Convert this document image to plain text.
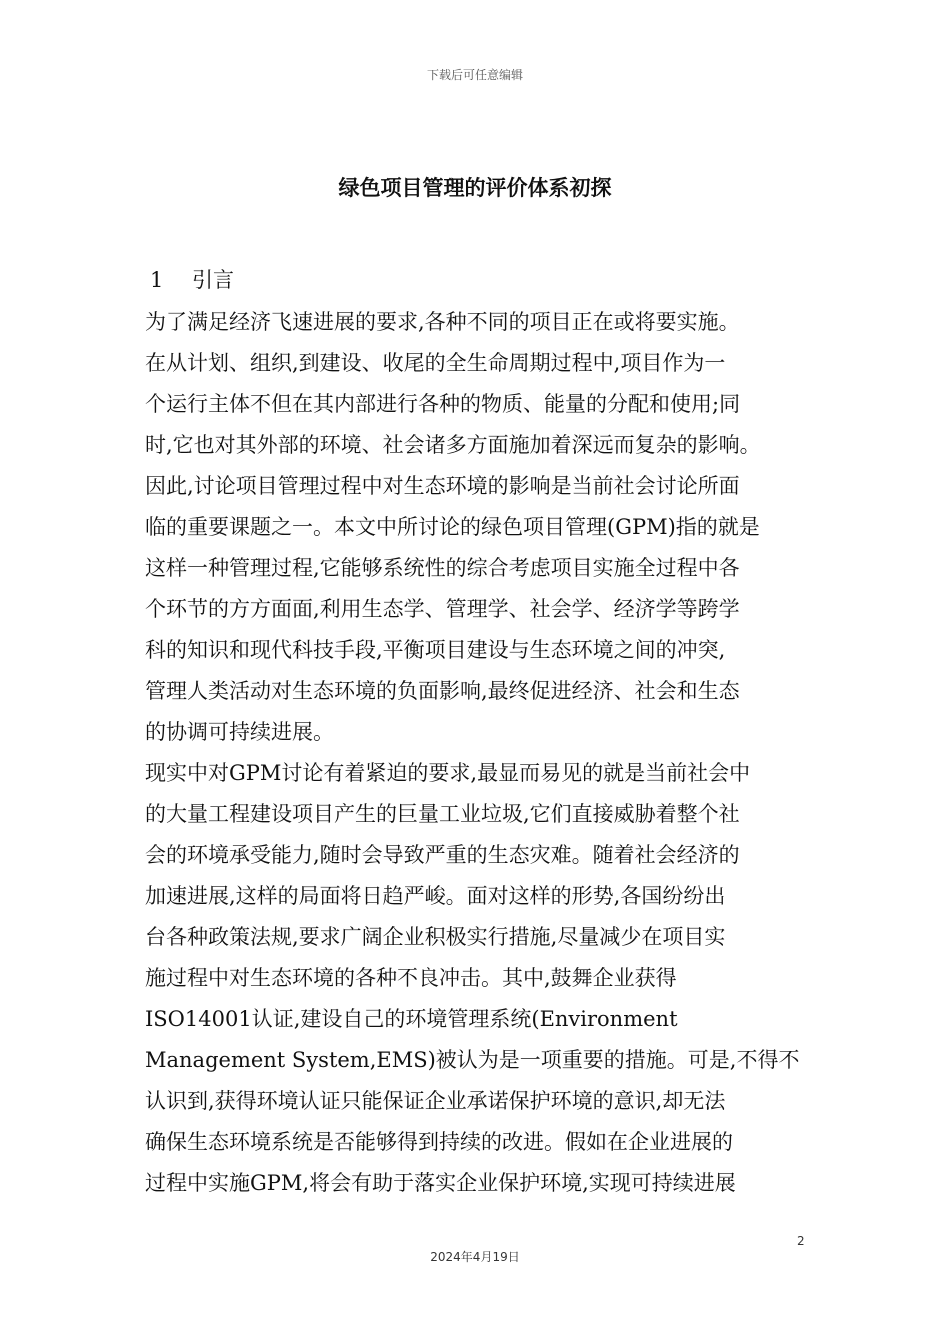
下载后可任意编辑
绿色项目管理的评价体系初探
1 引言
为了满足经济飞速进展的要求,各种不同的项目正在或将要实施。
在从计划、组织,到建设、收尾的全生命周期过程中,项目作为一
个运行主体不但在其内部进行各种的物质、能量的分配和使用;同
时,它也对其外部的环境、社会诸多方面施加着深远而复杂的影响。
因此,讨论项目管理过程中对生态环境的影响是当前社会讨论所面
临的重要课题之一。本文中所讨论的绿色项目管理(GPM)指的就是
这样一种管理过程,它能够系统性的综合考虑项目实施全过程中各
个环节的方方面面,利用生态学、管理学、社会学、经济学等跨学
科的知识和现代科技手段,平衡项目建设与生态环境之间的冲突,
管理人类活动对生态环境的负面影响,最终促进经济、社会和生态
的协调可持续进展。
现实中对GPM讨论有着紧迫的要求,最显而易见的就是当前社会中
的大量工程建设项目产生的巨量工业垃圾,它们直接威胁着整个社
会的环境承受能力,随时会导致严重的生态灾难。随着社会经济的
加速进展,这样的局面将日趋严峻。面对这样的形势,各国纷纷出
台各种政策法规,要求广阔企业积极实行措施,尽量减少在项目实
施过程中对生态环境的各种不良冲击。其中,鼓舞企业获得
ISO14001认证,建设自己的环境管理系统(Environment
Management System,EMS)被认为是一项重要的措施。可是,不得不
认识到,获得环境认证只能保证企业承诺保护环境的意识,却无法
确保生态环境系统是否能够得到持续的改进。假如在企业进展的
过程中实施GPM,将会有助于落实企业保护环境,实现可持续进展
2
2024年4月19日
